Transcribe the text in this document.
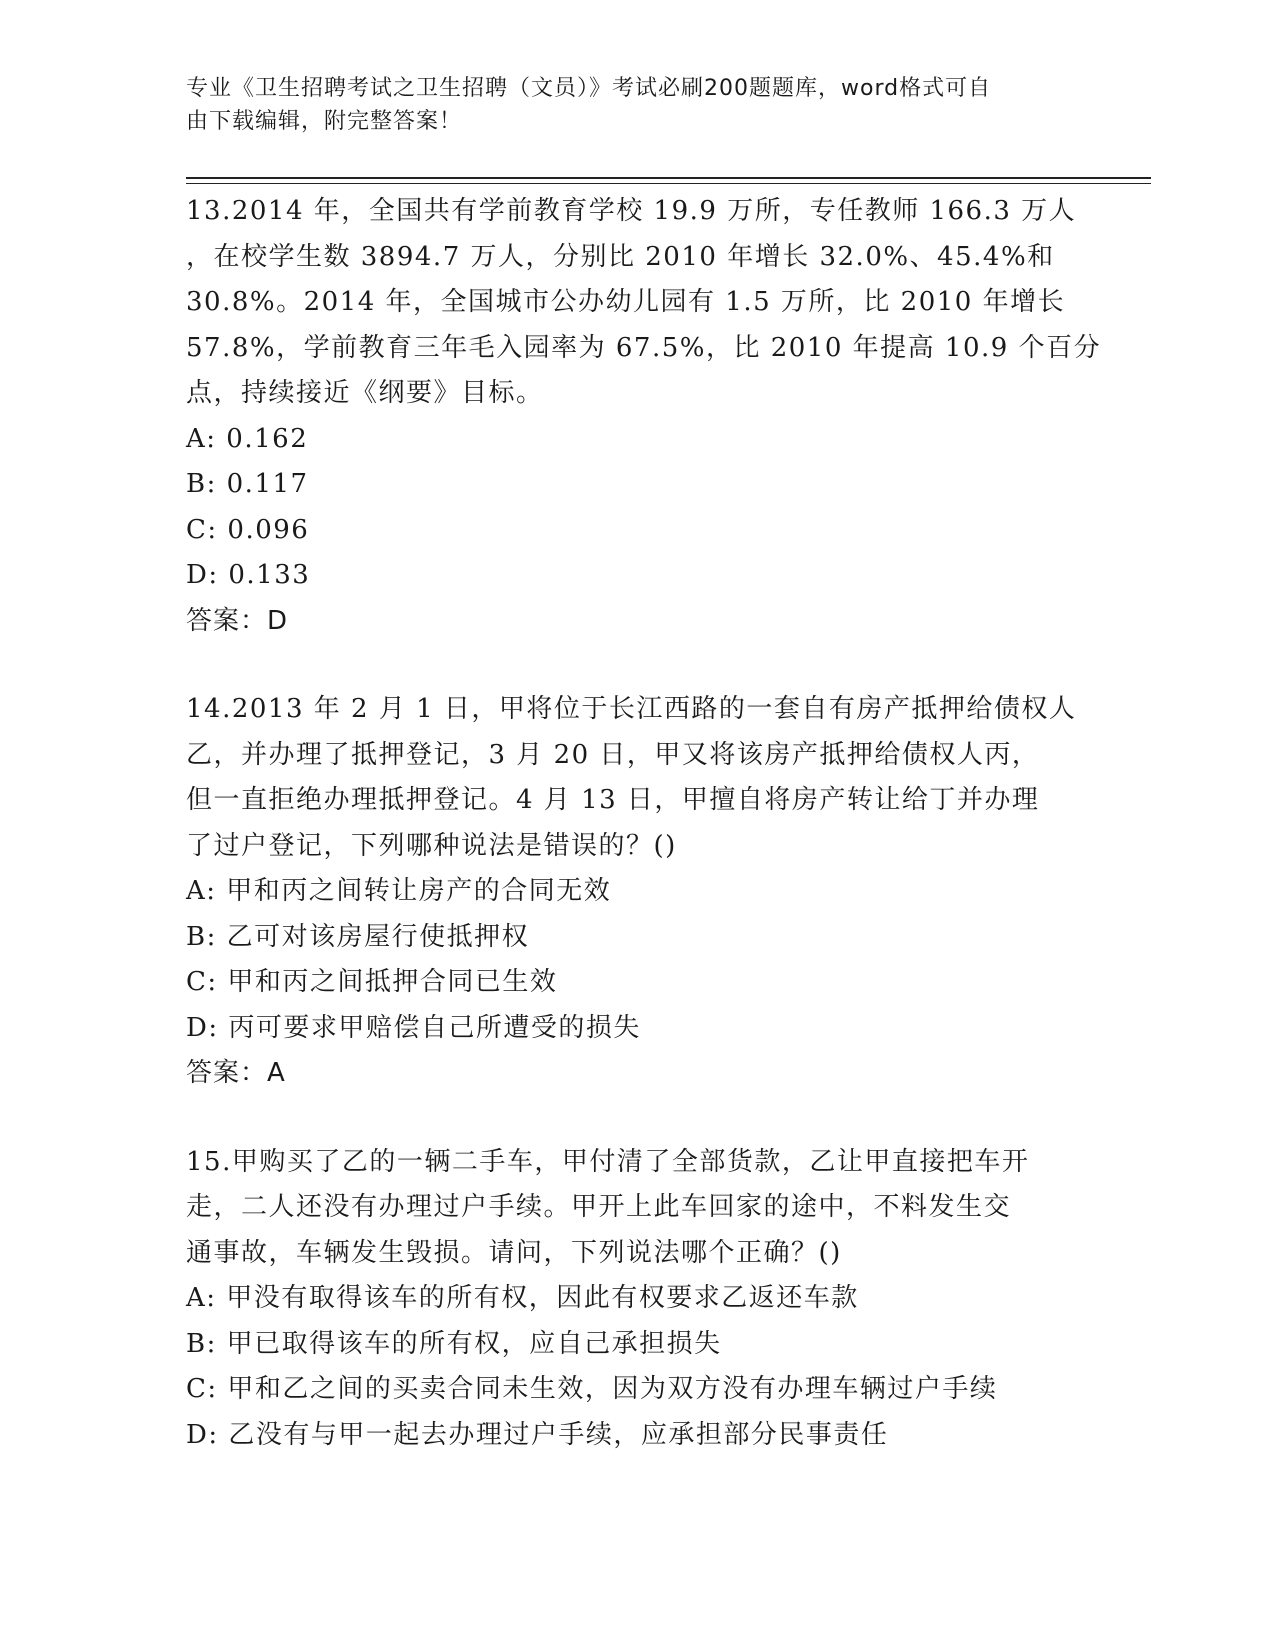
专业《卫生招聘考试之卫生招聘（文员）》考试必刷200题题库，word格式可自
由下载编辑，附完整答案！
13.2014 年，全国共有学前教育学校 19.9 万所，专任教师 166.3 万人
，在校学生数 3894.7 万人，分别比 2010 年增长 32.0%、45.4%和
30.8%。2014 年，全国城市公办幼儿园有 1.5 万所，比 2010 年增长
57.8%，学前教育三年毛入园率为 67.5%，比 2010 年提高 10.9 个百分
点，持续接近《纲要》目标。
A: 0.162
B: 0.117
C: 0.096
D: 0.133
答案：D
14.2013 年 2 月 1 日，甲将位于长江西路的一套自有房产抵押给债权人
乙，并办理了抵押登记，3 月 20 日，甲又将该房产抵押给债权人丙，
但一直拒绝办理抵押登记。4 月 13 日，甲擅自将房产转让给丁并办理
了过户登记，下列哪种说法是错误的？()
A: 甲和丙之间转让房产的合同无效
B: 乙可对该房屋行使抵押权
C: 甲和丙之间抵押合同已生效
D: 丙可要求甲赔偿自己所遭受的损失
答案：A
15.甲购买了乙的一辆二手车，甲付清了全部货款，乙让甲直接把车开
走，二人还没有办理过户手续。甲开上此车回家的途中，不料发生交
通事故，车辆发生毁损。请问，下列说法哪个正确？()
A: 甲没有取得该车的所有权，因此有权要求乙返还车款
B: 甲已取得该车的所有权，应自己承担损失
C: 甲和乙之间的买卖合同未生效，因为双方没有办理车辆过户手续
D: 乙没有与甲一起去办理过户手续，应承担部分民事责任
